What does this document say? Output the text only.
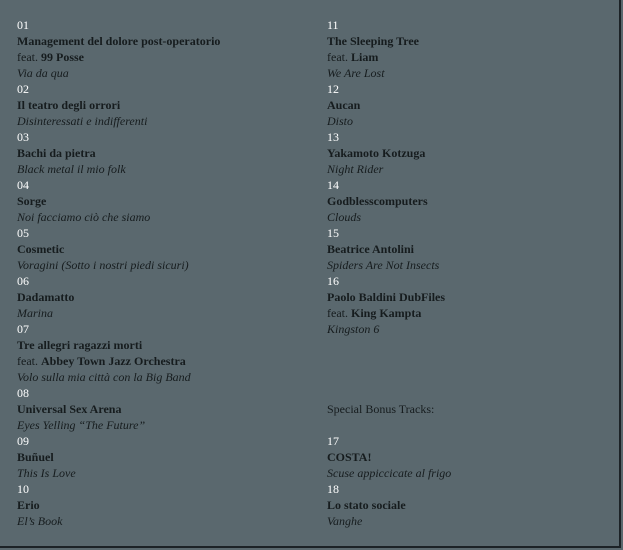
01
Management del dolore post-operatorio
feat. 99 Posse
Via da qua
02
Il teatro degli orrori
Disinteressati e indifferenti
03
Bachi da pietra
Black metal il mio folk
04
Sorge
Noi facciamo ciò che siamo
05
Cosmetic
Voragini (Sotto i nostri piedi sicuri)
06
Dadamatto
Marina
07
Tre allegri ragazzi morti
feat. Abbey Town Jazz Orchestra
Volo sulla mia città con la Big Band
08
Universal Sex Arena
Eyes Yelling “The Future”
09
Buñuel
This Is Love
10
Erio
El’s Book
11
The Sleeping Tree
feat. Liam
We Are Lost
12
Aucan
Disto
13
Yakamoto Kotzuga
Night Rider
14
Godblesscomputers
Clouds
15
Beatrice Antolini
Spiders Are Not Insects
16
Paolo Baldini DubFiles
feat. King Kampta
Kingston 6
Special Bonus Tracks:
17
COSTA!
Scuse appiccicate al frigo
18
Lo stato sociale
Vanghe
